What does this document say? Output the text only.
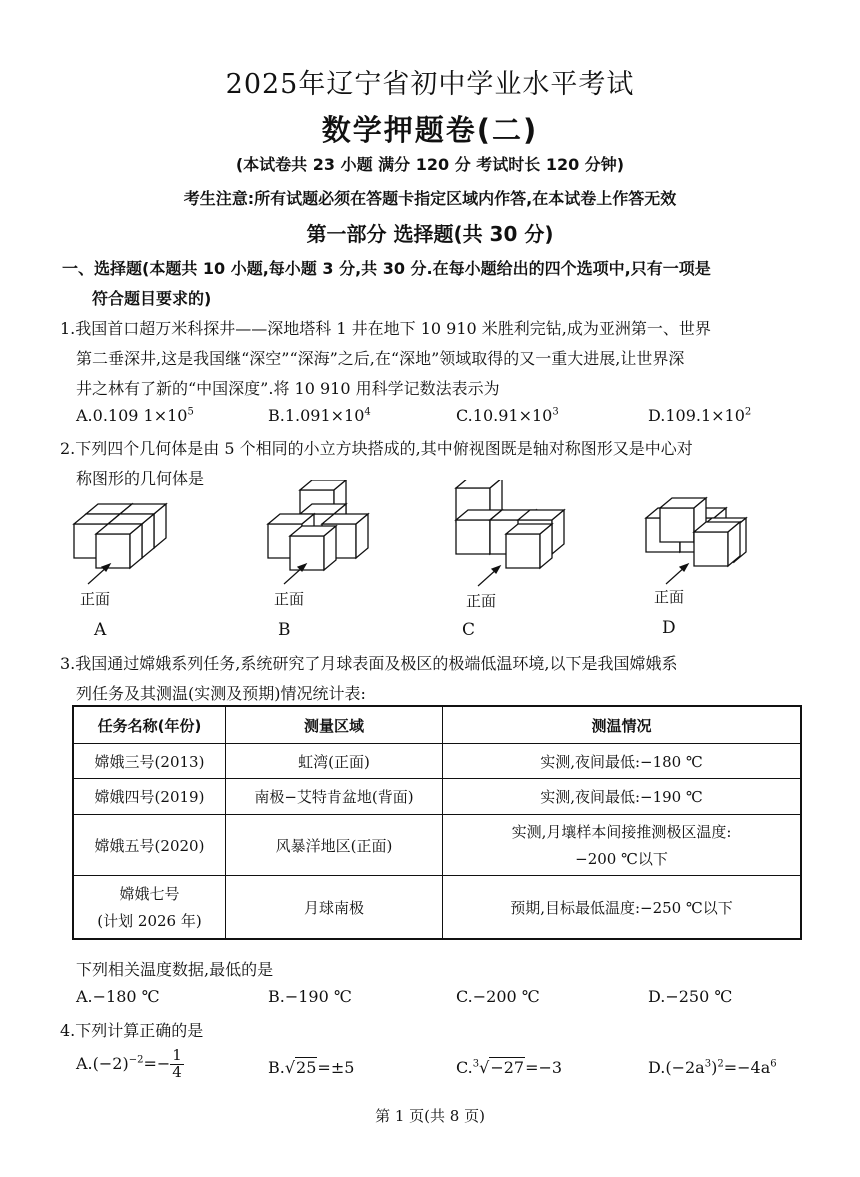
2025年辽宁省初中学业水平考试
数学押题卷(二)
(本试卷共 23 小题 满分 120 分 考试时长 120 分钟)
考生注意:所有试题必须在答题卡指定区域内作答,在本试卷上作答无效
第一部分 选择题(共 30 分)
一、选择题(本题共 10 小题,每小题 3 分,共 30 分.在每小题给出的四个选项中,只有一项是
符合题目要求的)
1.我国首口超万米科探井——深地塔科 1 井在地下 10 910 米胜利完钻,成为亚洲第一、世界
第二垂深井,这是我国继“深空”“深海”之后,在“深地”领域取得的又一重大进展,让世界深
井之林有了新的“中国深度”.将 10 910 用科学记数法表示为
A.0.109 $1\times 10^5$	$B.1.091\times 10^4$	$C.10.91\times 10^3$	$D.109.1\times 10^2$
2.下列四个几何体是由 5 个相同的小立方块搭成的,其中俯视图既是轴对称图形又是中心对
称图形的几何体是
正面	正面	正面	正面
A	B	C	D
3.我国通过嫦娥系列任务,系统研究了月球表面及极区的极端低温环境,以下是我国嫦娥系
列任务及其测温(实测及预期)情况统计表:
任务名称(年份)	测量区域	测温情况
嫦娥三号(2013)	虹湾(正面)	实测,夜间最低:−180 ℃
嫦娥四号(2019)	南极−艾特肯盆地(背面)	实测,夜间最低:−190 ℃
嫦娥五号(2020)	风暴洋地区(正面)	实测,月壤样本间接推测极区温度:
−200 ℃以下

嫦娥七号
(计划 2026 年)	月球南极	预期,目标最低温度:−250 ℃以下
下列相关温度数据,最低的是
A.−180 ℃	B.−190 ℃	C.−200 ℃	D.−250 ℃
4.下列计算正确的是
$A.(-2)^{-2}=- \frac{1}{4}$	B.√25=±5	C.$^3$√−27=−3	$D.(-2a^3)^2=-4a^6$
第 1 页(共 8 页)
